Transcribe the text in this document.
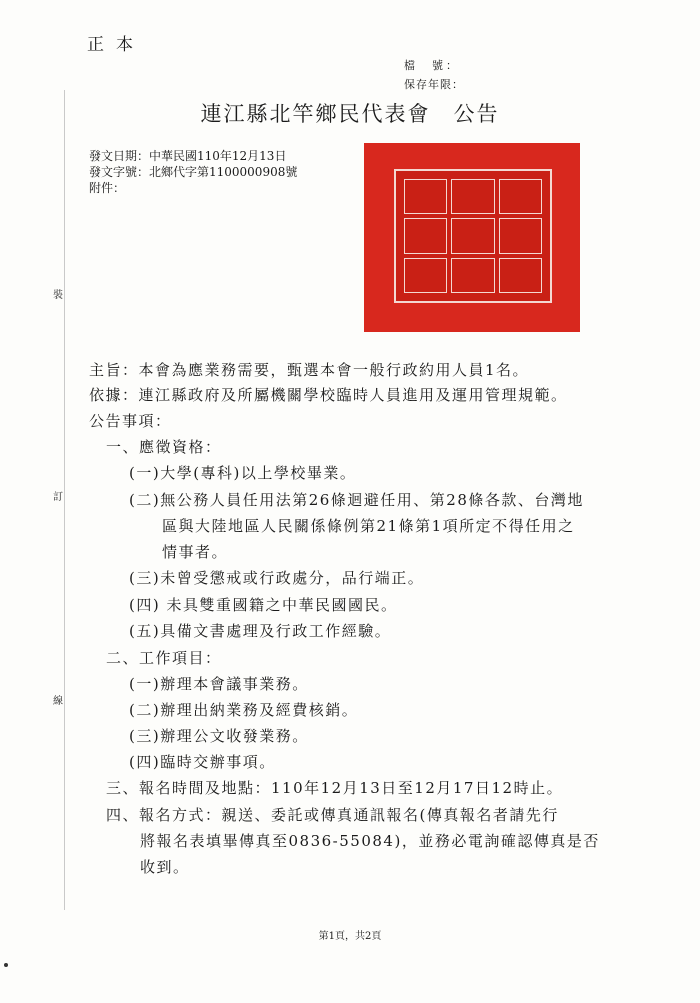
正本
檔　號：
保存年限：
連江縣北竿鄉民代表會　公告
發文日期：中華民國110年12月13日
發文字號：北鄉代字第1100000908號
附件：
裝
訂
線
主旨：本會為應業務需要，甄選本會一般行政約用人員1名。
依據：連江縣政府及所屬機關學校臨時人員進用及運用管理規範。
公告事項：
一、應徵資格：
(一)大學(專科)以上學校畢業。
(二)無公務人員任用法第26條迴避任用、第28條各款、台灣地
區與大陸地區人民關係條例第21條第1項所定不得任用之
情事者。
(三)未曾受懲戒或行政處分，品行端正。
(四) 未具雙重國籍之中華民國國民。
(五)具備文書處理及行政工作經驗。
二、工作項目：
(一)辦理本會議事業務。
(二)辦理出納業務及經費核銷。
(三)辦理公文收發業務。
(四)臨時交辦事項。
三、報名時間及地點：110年12月13日至12月17日12時止。
四、報名方式：親送、委託或傳真通訊報名(傳真報名者請先行
將報名表填畢傳真至0836-55084)，並務必電詢確認傳真是否
收到。
第1頁，共2頁
